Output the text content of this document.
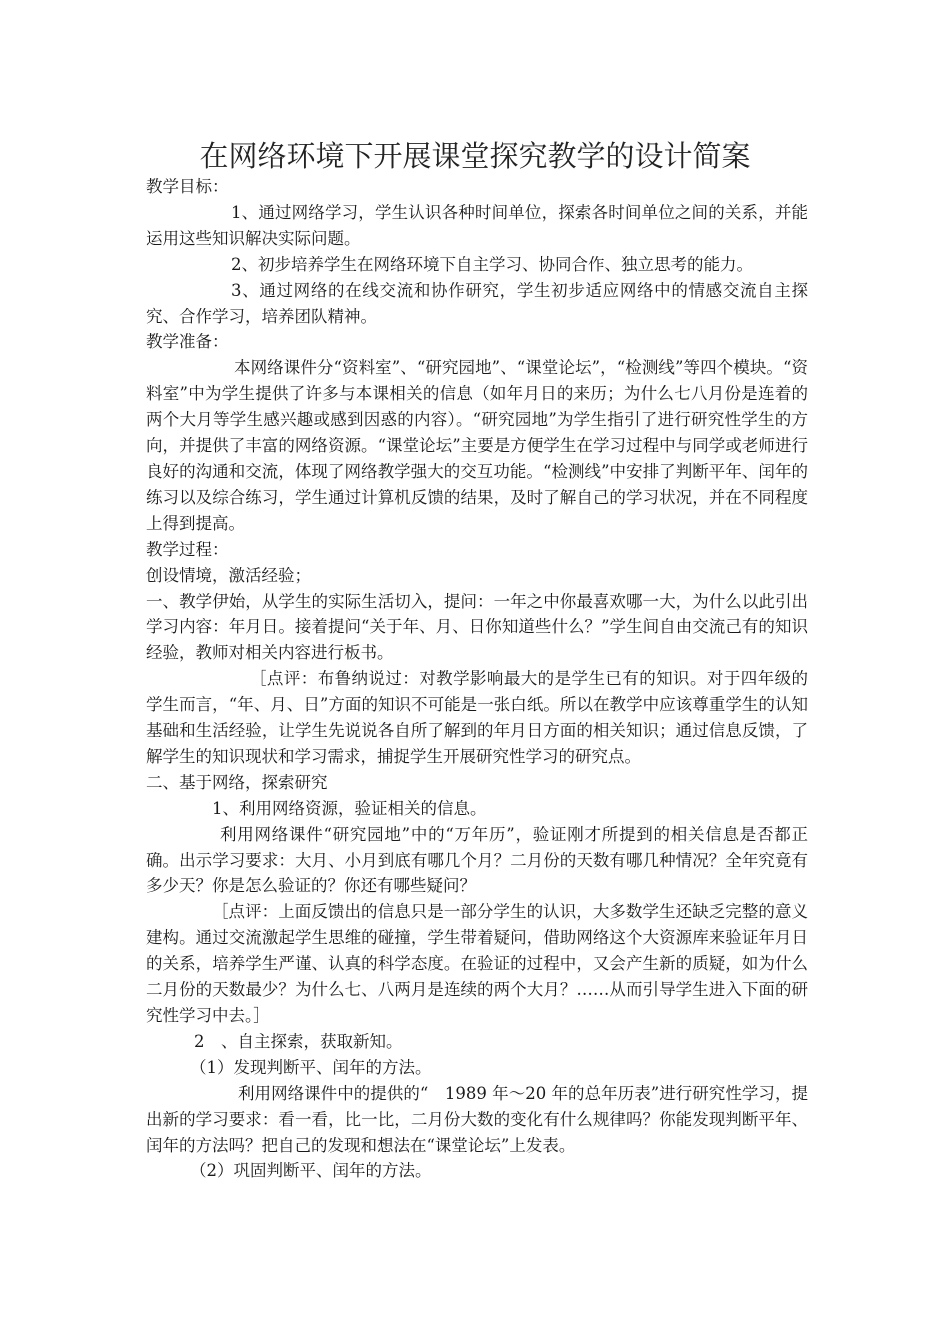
在网络环境下开展课堂探究教学的设计简案

教学目标：

1、通过网络学习，学生认识各种时间单位，探索各时间单位之间的关系，并能运用这些知识解决实际问题。

2、初步培养学生在网络环境下自主学习、协同合作、独立思考的能力。

3、通过网络的在线交流和协作研究，学生初步适应网络中的情感交流自主探究、合作学习，培养团队精神。

教学准备：

本网络课件分“资料室”、“研究园地”、“课堂论坛”，“检测线”等四个模块。“资料室”中为学生提供了许多与本课相关的信息（如年月日的来历；为什么七八月份是连着的两个大月等学生感兴趣或感到因惑的内容）。“研究园地”为学生指引了进行研究性学生的方向，并提供了丰富的网络资源。“课堂论坛”主要是方便学生在学习过程中与同学或老师进行良好的沟通和交流，体现了网络教学强大的交互功能。“检测线”中安排了判断平年、闰年的练习以及综合练习，学生通过计算机反馈的结果，及时了解自己的学习状况，并在不同程度上得到提高。

教学过程：

创设情境，激活经验；

一、教学伊始，从学生的实际生活切入，提问：一年之中你最喜欢哪一大，为什么以此引出学习内容：年月日。接着提问“关于年、月、日你知道些什么？”学生间自由交流己有的知识经验，教师对相关内容进行板书。

［点评：布鲁纳说过：对教学影响最大的是学生已有的知识。对于四年级的学生而言，“年、月、日”方面的知识不可能是一张白纸。所以在教学中应该尊重学生的认知基础和生活经验，让学生先说说各自所了解到的年月日方面的相关知识；通过信息反馈，了解学生的知识现状和学习需求，捕捉学生开展研究性学习的研究点。

二、基于网络，探索研究

1、利用网络资源，验证相关的信息。

利用网络课件“研究园地”中的“万年历”，验证刚才所提到的相关信息是否都正确。出示学习要求：大月、小月到底有哪几个月？二月份的天数有哪几种情况？全年究竟有多少天？你是怎么验证的？你还有哪些疑问？

［点评：上面反馈出的信息只是一部分学生的认识，大多数学生还缺乏完整的意义建构。通过交流激起学生思维的碰撞，学生带着疑问，借助网络这个大资源库来验证年月日的关系，培养学生严谨、认真的科学态度。在验证的过程中，又会产生新的质疑，如为什么二月份的天数最少？为什么七、八两月是连续的两个大月？……从而引导学生进入下面的研究性学习中去。］

2　、自主探索，获取新知。

（1）发现判断平、闰年的方法。

利用网络课件中的提供的“　1989 年～20 年的总年历表”进行研究性学习，提出新的学习要求：看一看，比一比，二月份大数的变化有什么规律吗？你能发现判断平年、闰年的方法吗？把自己的发现和想法在“课堂论坛”上发表。

（2）巩固判断平、闰年的方法。
